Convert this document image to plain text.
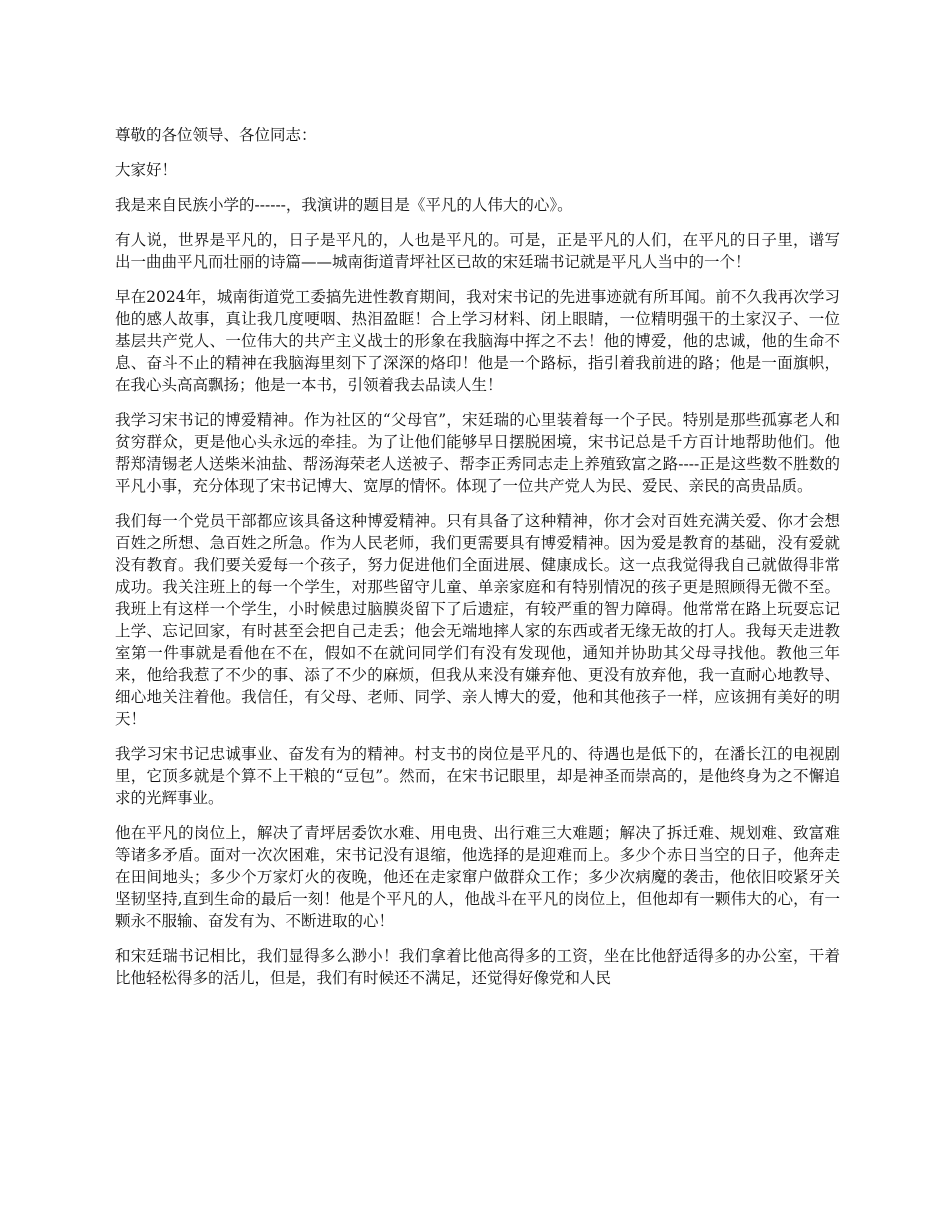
尊敬的各位领导、各位同志：

大家好！

我是来自民族小学的------，我演讲的题目是《平凡的人伟大的心》。

有人说，世界是平凡的，日子是平凡的，人也是平凡的。可是，正是平凡的人们，在平凡的日子里，谱写出一曲曲平凡而壮丽的诗篇——城南街道青坪社区已故的宋廷瑞书记就是平凡人当中的一个！

早在2024年，城南街道党工委搞先进性教育期间，我对宋书记的先进事迹就有所耳闻。前不久我再次学习他的感人故事，真让我几度哽咽、热泪盈眶！合上学习材料、闭上眼睛，一位精明强干的土家汉子、一位基层共产党人、一位伟大的共产主义战士的形象在我脑海中挥之不去！他的博爱，他的忠诚，他的生命不息、奋斗不止的精神在我脑海里刻下了深深的烙印！他是一个路标，指引着我前进的路；他是一面旗帜，在我心头高高飘扬；他是一本书，引领着我去品读人生！

我学习宋书记的博爱精神。作为社区的“父母官”，宋廷瑞的心里装着每一个子民。特别是那些孤寡老人和贫穷群众，更是他心头永远的牵挂。为了让他们能够早日摆脱困境，宋书记总是千方百计地帮助他们。他帮郑清锡老人送柴米油盐、帮汤海荣老人送被子、帮李正秀同志走上养殖致富之路----正是这些数不胜数的平凡小事，充分体现了宋书记博大、宽厚的情怀。体现了一位共产党人为民、爱民、亲民的高贵品质。

我们每一个党员干部都应该具备这种博爱精神。只有具备了这种精神，你才会对百姓充满关爱、你才会想百姓之所想、急百姓之所急。作为人民老师，我们更需要具有博爱精神。因为爱是教育的基础，没有爱就没有教育。我们要关爱每一个孩子，努力促进他们全面进展、健康成长。这一点我觉得我自己就做得非常成功。我关注班上的每一个学生，对那些留守儿童、单亲家庭和有特别情况的孩子更是照顾得无微不至。我班上有这样一个学生，小时候患过脑膜炎留下了后遗症，有较严重的智力障碍。他常常在路上玩耍忘记上学、忘记回家，有时甚至会把自己走丢；他会无端地摔人家的东西或者无缘无故的打人。我每天走进教室第一件事就是看他在不在，假如不在就问同学们有没有发现他，通知并协助其父母寻找他。教他三年来，他给我惹了不少的事、添了不少的麻烦，但我从来没有嫌弃他、更没有放弃他，我一直耐心地教导、细心地关注着他。我信任，有父母、老师、同学、亲人博大的爱，他和其他孩子一样，应该拥有美好的明天！

我学习宋书记忠诚事业、奋发有为的精神。村支书的岗位是平凡的、待遇也是低下的，在潘长江的电视剧里，它顶多就是个算不上干粮的“豆包”。然而，在宋书记眼里，却是神圣而崇高的，是他终身为之不懈追求的光辉事业。

他在平凡的岗位上，解决了青坪居委饮水难、用电贵、出行难三大难题；解决了拆迁难、规划难、致富难等诸多矛盾。面对一次次困难，宋书记没有退缩，他选择的是迎难而上。多少个赤日当空的日子，他奔走在田间地头；多少个万家灯火的夜晚，他还在走家窜户做群众工作；多少次病魔的袭击，他依旧咬紧牙关坚韧坚持,直到生命的最后一刻！他是个平凡的人，他战斗在平凡的岗位上，但他却有一颗伟大的心，有一颗永不服输、奋发有为、不断进取的心！

和宋廷瑞书记相比，我们显得多么渺小！我们拿着比他高得多的工资，坐在比他舒适得多的办公室，干着比他轻松得多的活儿，但是，我们有时候还不满足，还觉得好像党和人民
